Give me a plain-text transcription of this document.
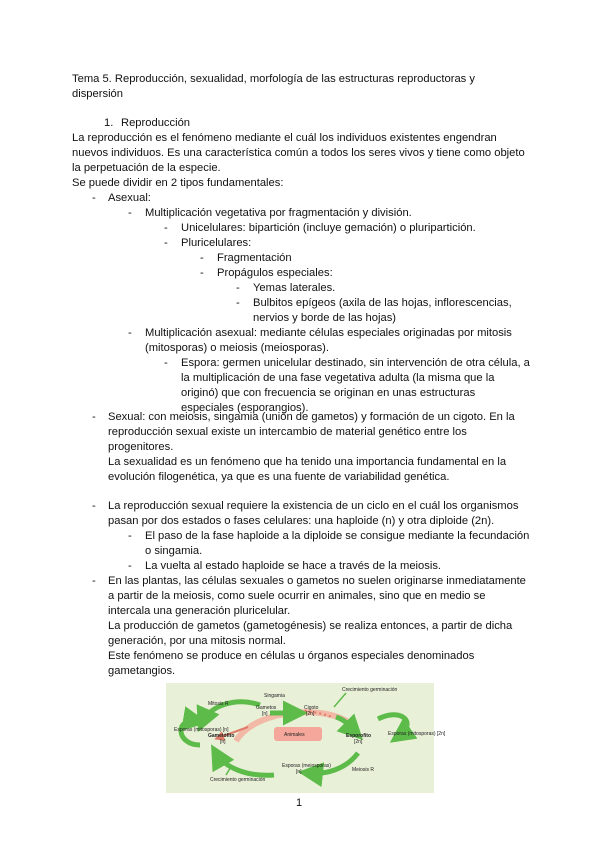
Tema 5. Reproducción, sexualidad, morfología de las estructuras reproductoras y
dispersión
1. Reproducción
La reproducción es el fenómeno mediante el cuál los individuos existentes engendran
nuevos individuos. Es una característica común a todos los seres vivos y tiene como objeto
la perpetuación de la especie.
Se puede dividir en 2 tipos fundamentales:
- Asexual:
- Multiplicación vegetativa por fragmentación y división.
- Unicelulares: bipartición (incluye gemación) o pluripartición.
- Pluricelulares:
- Fragmentación
- Propágulos especiales:
- Yemas laterales.
- Bulbitos epígeos (axila de las hojas, inflorescencias,
nervios y borde de las hojas)
- Multiplicación asexual: mediante células especiales originadas por mitosis
(mitosporas) o meiosis (meiosporas).
- Espora: germen unicelular destinado, sin intervención de otra célula, a
la multiplicación de una fase vegetativa adulta (la misma que la
originó) que con frecuencia se originan en unas estructuras
especiales (esporangios).
- Sexual: con meiosis, singamia (unión de gametos) y formación de un cigoto. En la
reproducción sexual existe un intercambio de material genético entre los
progenitores.
La sexualidad es un fenómeno que ha tenido una importancia fundamental en la
evolución filogenética, ya que es una fuente de variabilidad genética.
- La reproducción sexual requiere la existencia de un ciclo en el cuál los organismos
pasan por dos estados o fases celulares: una haploide (n) y otra diploide (2n).
- El paso de la fase haploide a la diploide se consigue mediante la fecundación
o singamia.
- La vuelta al estado haploide se hace a través de la meiosis.
- En las plantas, las células sexuales o gametos no suelen originarse inmediatamente
a partir de la meiosis, como suele ocurrir en animales, sino que en medio se
intercala una generación pluricelular.
La producción de gametos (gametogénesis) se realiza entonces, a partir de dicha
generación, por una mitosis normal.
Este fenómeno se produce en células u órganos especiales denominados
gametangios.
Singamia
Gametos
[n]
Cigoto
[2n]
Mitosis R
Gametófito
[n]
Animales	Esporofito
[2n]
Esporas (mitosporas) [n]
Esporas (mitosporas) [2n]
Esporas (meiosporas)
[n]	Meiosis R
Crecimiento germinación
Crecimiento germinación
1
